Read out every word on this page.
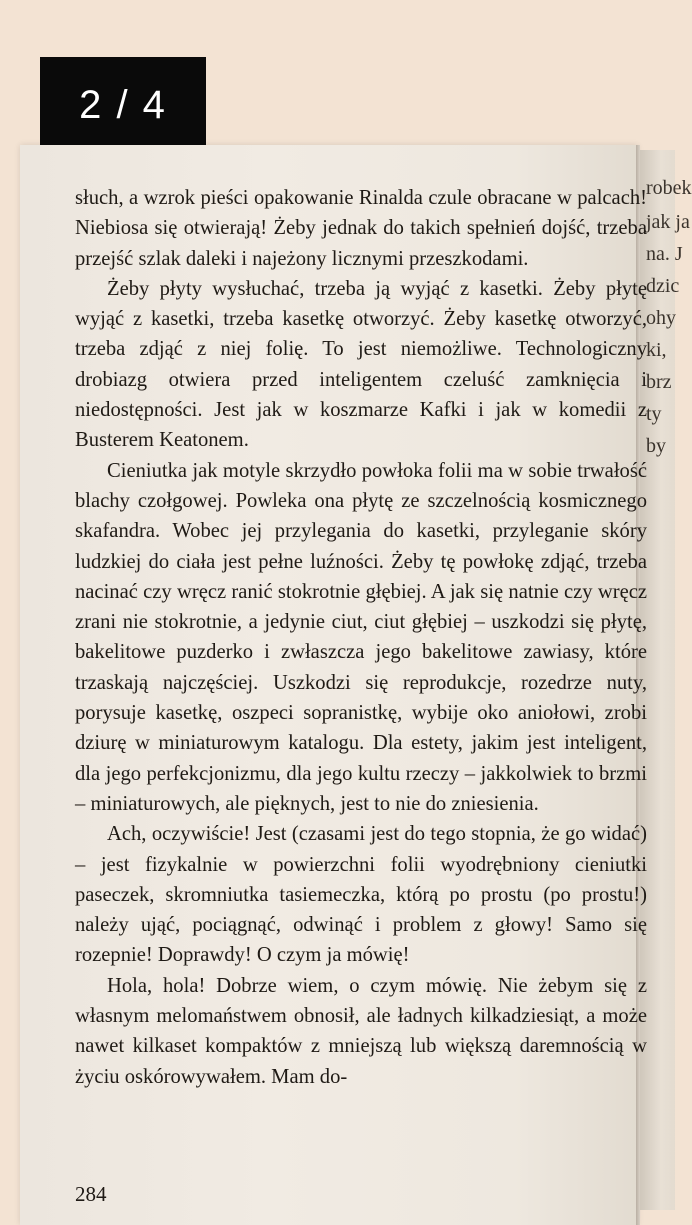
2 / 4
robek
jak ja
na. J
dzic
ohy
ki,
brz
ty
by

słuch, a wzrok pieści opakowanie Rinalda czule obracane w palcach! Niebiosa się otwierają! Żeby jednak do takich spełnień dojść, trzeba przejść szlak daleki i najeżony licznymi przeszkodami.

Żeby płyty wysłuchać, trzeba ją wyjąć z kasetki. Żeby płytę wyjąć z kasetki, trzeba kasetkę otworzyć. Żeby kasetkę otworzyć, trzeba zdjąć z niej folię. To jest niemożliwe. Technologiczny drobiazg otwiera przed inteligentem czeluść zamknięcia i niedostępności. Jest jak w koszmarze Kafki i jak w komedii z Busterem Keatonem.

Cieniutka jak motyle skrzydło powłoka folii ma w sobie trwałość blachy czołgowej. Powleka ona płytę ze szczelnością kosmicznego skafandra. Wobec jej przylegania do kasetki, przyleganie skóry ludzkiej do ciała jest pełne luźności. Żeby tę powłokę zdjąć, trzeba nacinać czy wręcz ranić stokrotnie głębiej. A jak się natnie czy wręcz zrani nie stokrotnie, a jedynie ciut, ciut głębiej – uszkodzi się płytę, bakelitowe puzderko i zwłaszcza jego bakelitowe zawiasy, które trzaskają najczęściej. Uszkodzi się reprodukcje, rozedrze nuty, porysuje kasetkę, oszpeci sopranistkę, wybije oko aniołowi, zrobi dziurę w miniaturowym katalogu. Dla estety, jakim jest inteligent, dla jego perfekcjonizmu, dla jego kultu rzeczy – jakkolwiek to brzmi – miniaturowych, ale pięknych, jest to nie do zniesienia.

Ach, oczywiście! Jest (czasami jest do tego stopnia, że go widać) – jest fizykalnie w powierzchni folii wyodrębniony cieniutki paseczek, skromniutka tasiemeczka, którą po prostu (po prostu!) należy ująć, pociągnąć, odwinąć i problem z głowy! Samo się rozepnie! Doprawdy! O czym ja mówię!

Hola, hola! Dobrze wiem, o czym mówię. Nie żebym się z własnym melomaństwem obnosił, ale ładnych kilkadziesiąt, a może nawet kilkaset kompaktów z mniejszą lub większą daremnością w życiu oskórowywałem. Mam do-

284
